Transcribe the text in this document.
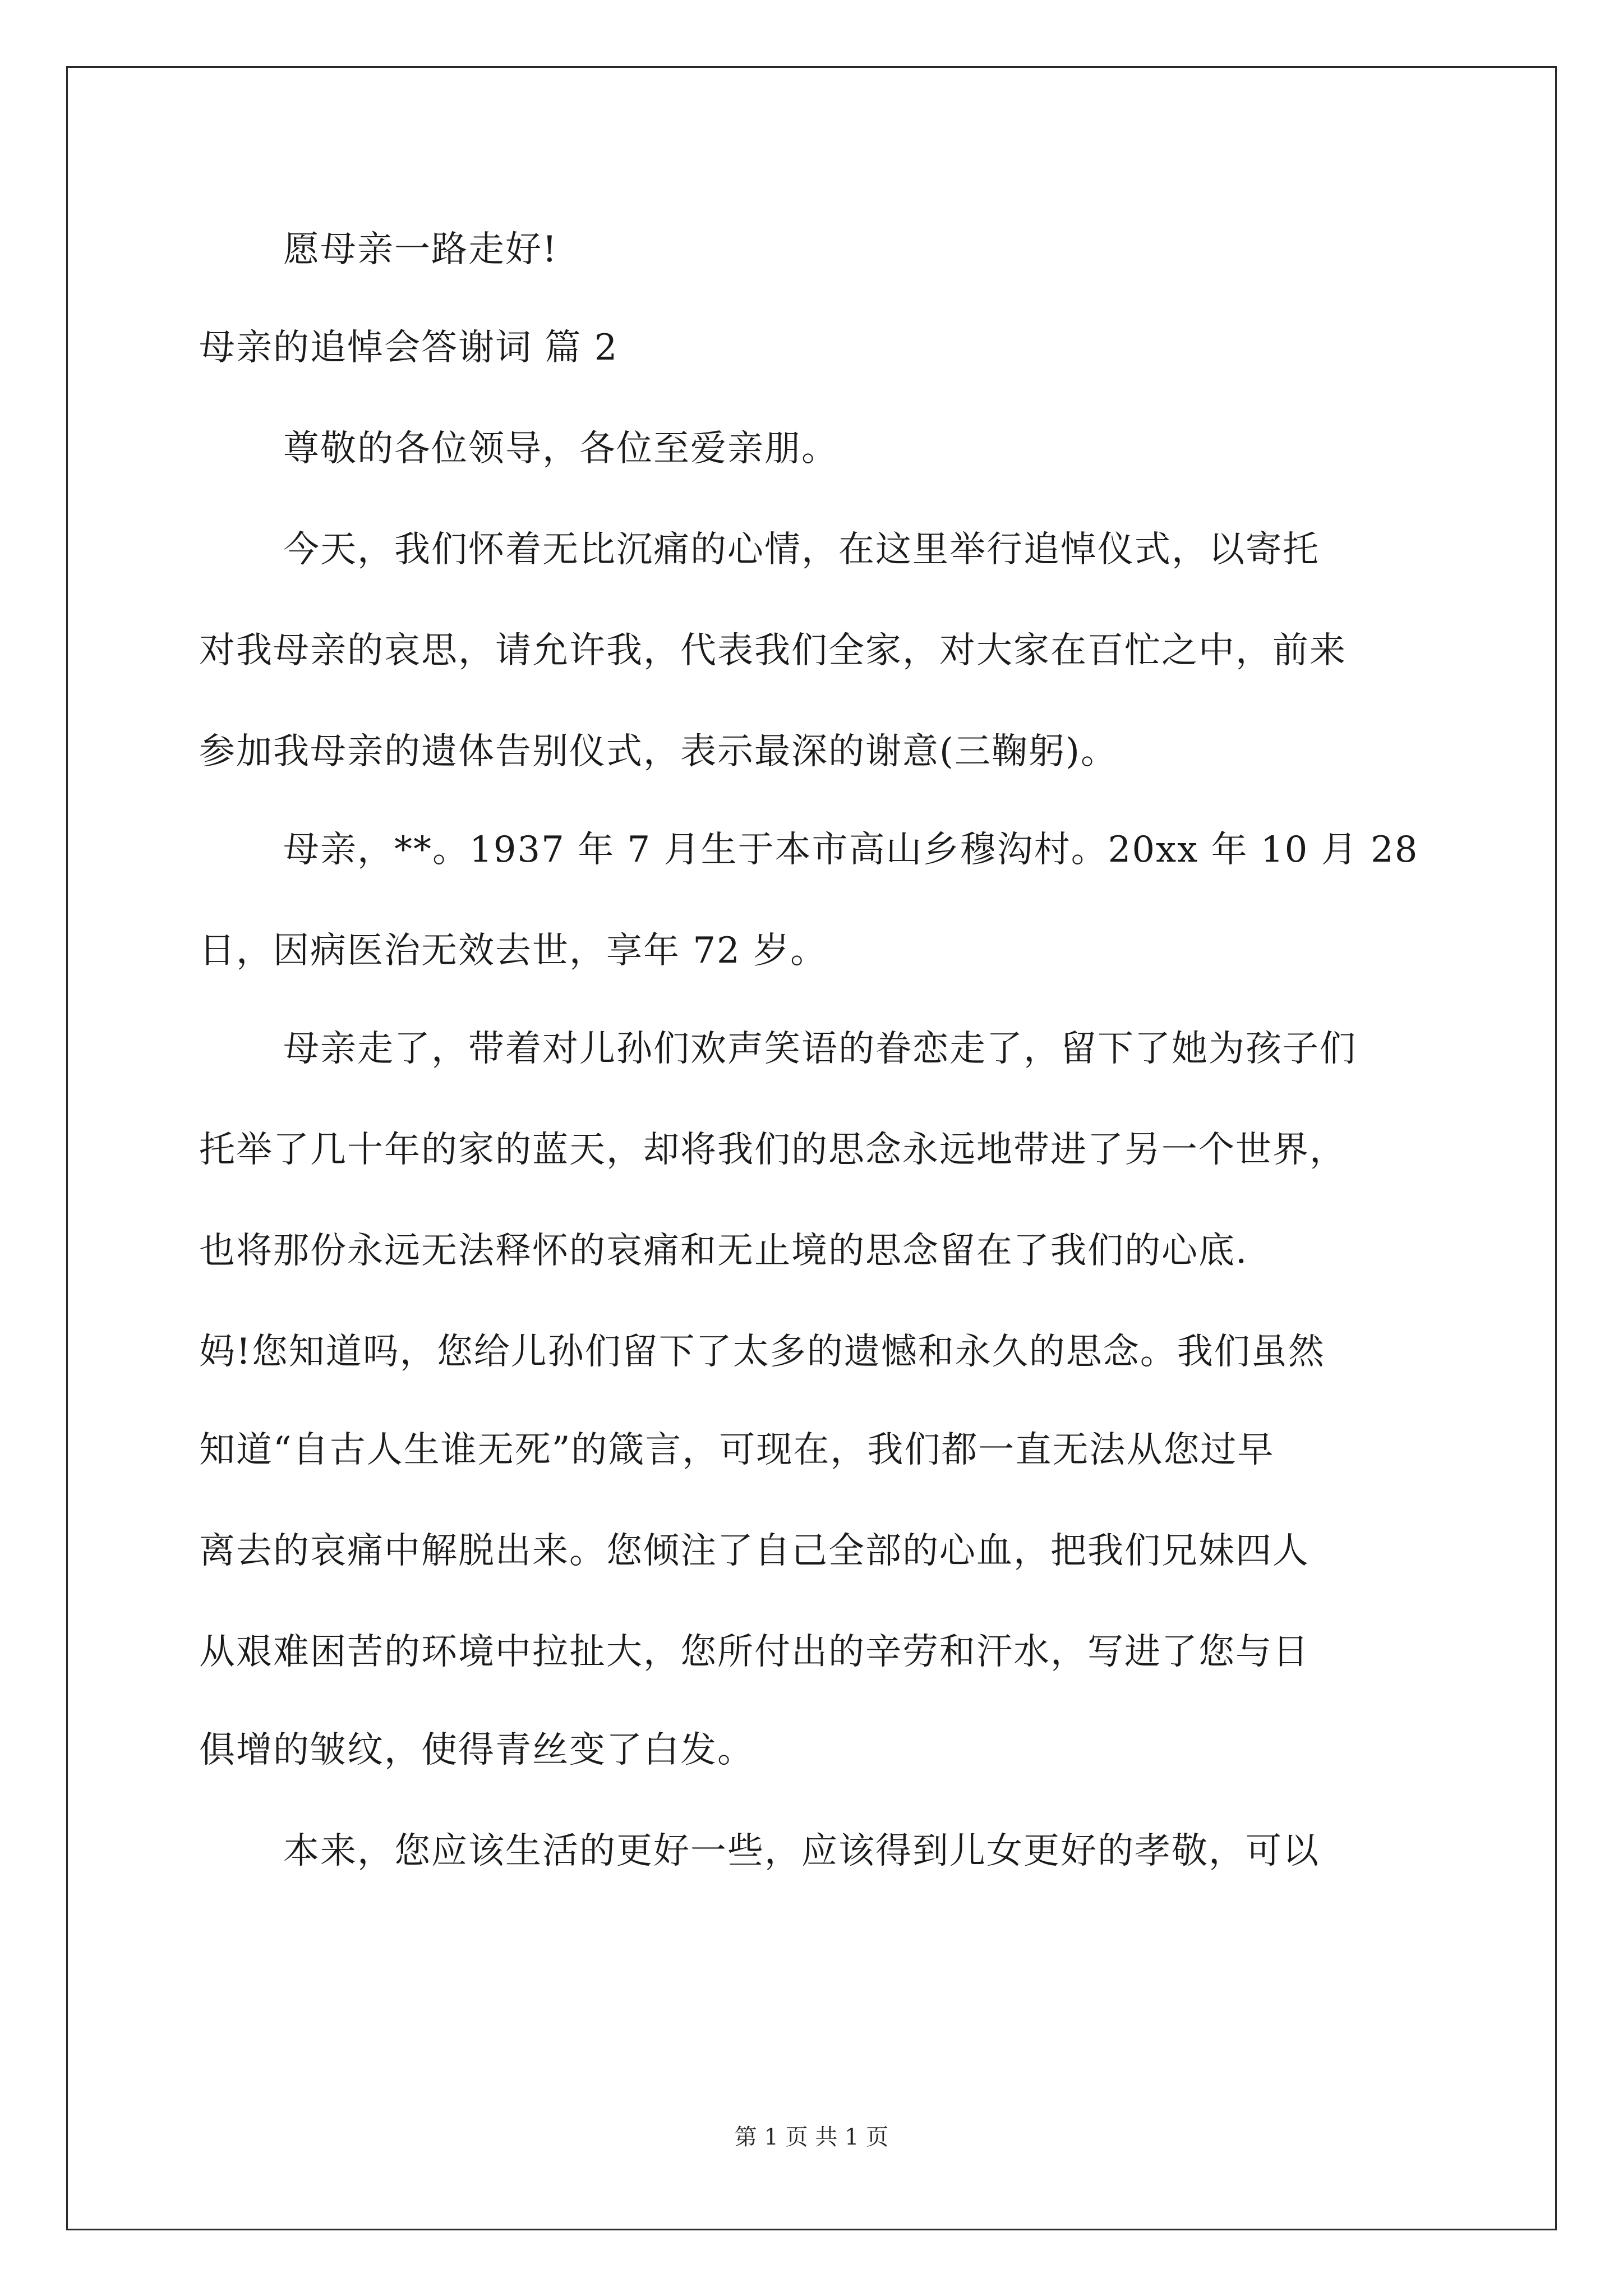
愿母亲一路走好!
母亲的追悼会答谢词 篇 2
尊敬的各位领导，各位至爱亲朋。
今天，我们怀着无比沉痛的心情，在这里举行追悼仪式，以寄托
对我母亲的哀思，请允许我，代表我们全家，对大家在百忙之中，前来
参加我母亲的遗体告别仪式，表示最深的谢意(三鞠躬)。
母亲，**。1937 年 7 月生于本市高山乡穆沟村。20xx 年 10 月 28
日，因病医治无效去世，享年 72 岁。
母亲走了，带着对儿孙们欢声笑语的眷恋走了，留下了她为孩子们
托举了几十年的家的蓝天，却将我们的思念永远地带进了另一个世界，
也将那份永远无法释怀的哀痛和无止境的思念留在了我们的心底.
妈!您知道吗，您给儿孙们留下了太多的遗憾和永久的思念。我们虽然
知道“自古人生谁无死”的箴言，可现在，我们都一直无法从您过早
离去的哀痛中解脱出来。您倾注了自己全部的心血，把我们兄妹四人
从艰难困苦的环境中拉扯大，您所付出的辛劳和汗水，写进了您与日
俱增的皱纹，使得青丝变了白发。
本来，您应该生活的更好一些，应该得到儿女更好的孝敬，可以
第 1 页 共 1 页
